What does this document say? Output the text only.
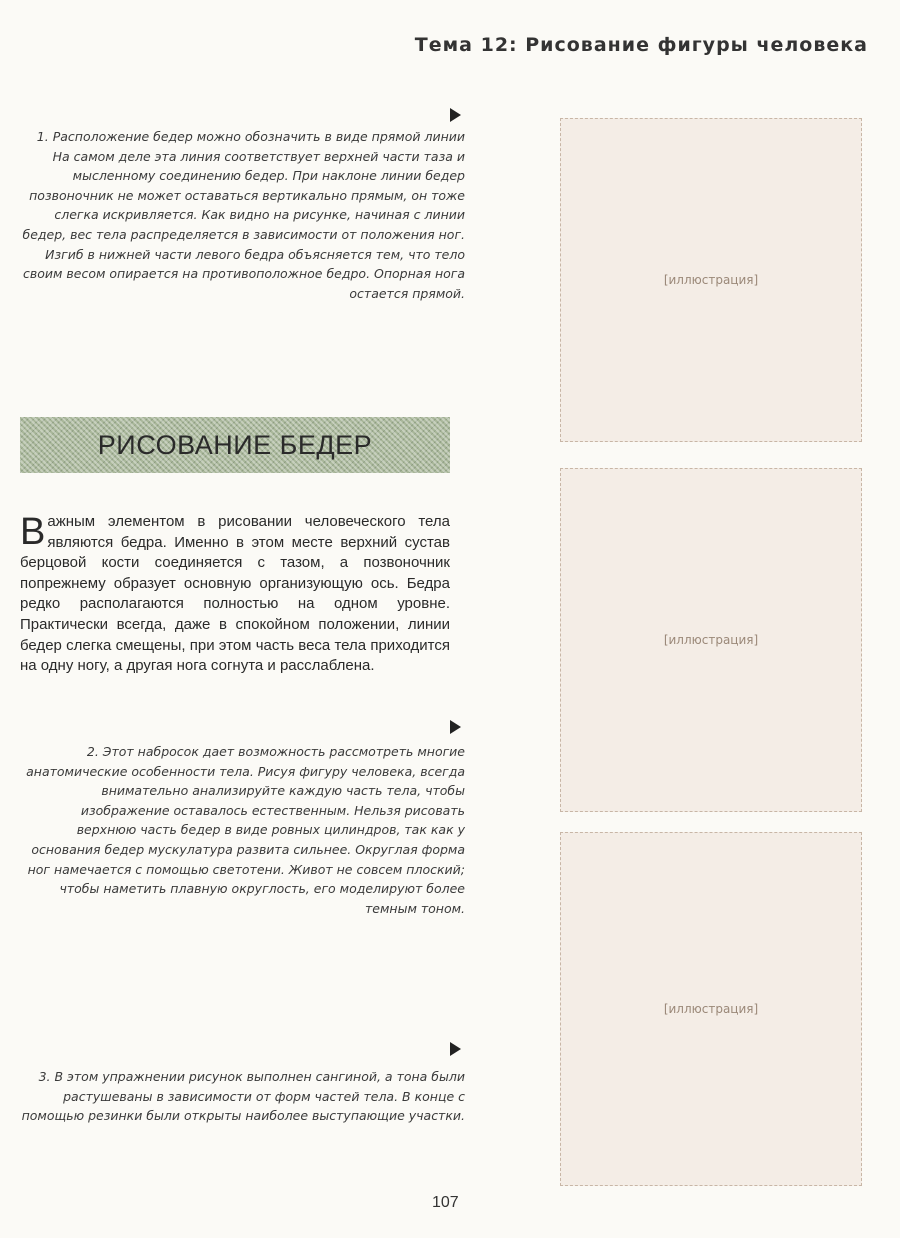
Тема 12: Рисование фигуры человека
1. Расположение бедер можно обозначить в виде прямой линии На самом деле эта линия соответствует верхней части таза и мысленному соединению бедер. При наклоне линии бедер позвоночник не может оставаться вертикально прямым, он тоже слегка искривляется. Как видно на рисунке, начиная с линии бедер, вес тела распределяется в зависимости от положения ног. Изгиб в нижней части левого бедра объясняется тем, что тело своим весом опирается на противоположное бедро. Опорная нога остается прямой.
[иллюстрация]
РИСОВАНИЕ БЕДЕР
Важным элементом в рисовании человеческого тела являются бедра. Именно в этом месте верхний сустав берцовой кости соединяется с тазом, а позвоночник попрежнему образует основную организующую ось. Бедра редко располагаются полностью на одном уровне. Практически всегда, даже в спокойном положении, линии бедер слегка смещены, при этом часть веса тела приходится на одну ногу, а другая нога согнута и расслаблена.
[иллюстрация]
2. Этот набросок дает возможность рассмотреть многие анатомические особенности тела. Рисуя фигуру человека, всегда внимательно анализируйте каждую часть тела, чтобы изображение оставалось естественным. Нельзя рисовать верхнюю часть бедер в виде ровных цилиндров, так как у основания бедер мускулатура развита сильнее. Округлая форма ног намечается с помощью светотени. Живот не совсем плоский; чтобы наметить плавную округлость, его моделируют более темным тоном.
[иллюстрация]
3. В этом упражнении рисунок выполнен сангиной, а тона были растушеваны в зависимости от форм частей тела. В конце с помощью резинки были открыты наиболее выступающие участки.
107
